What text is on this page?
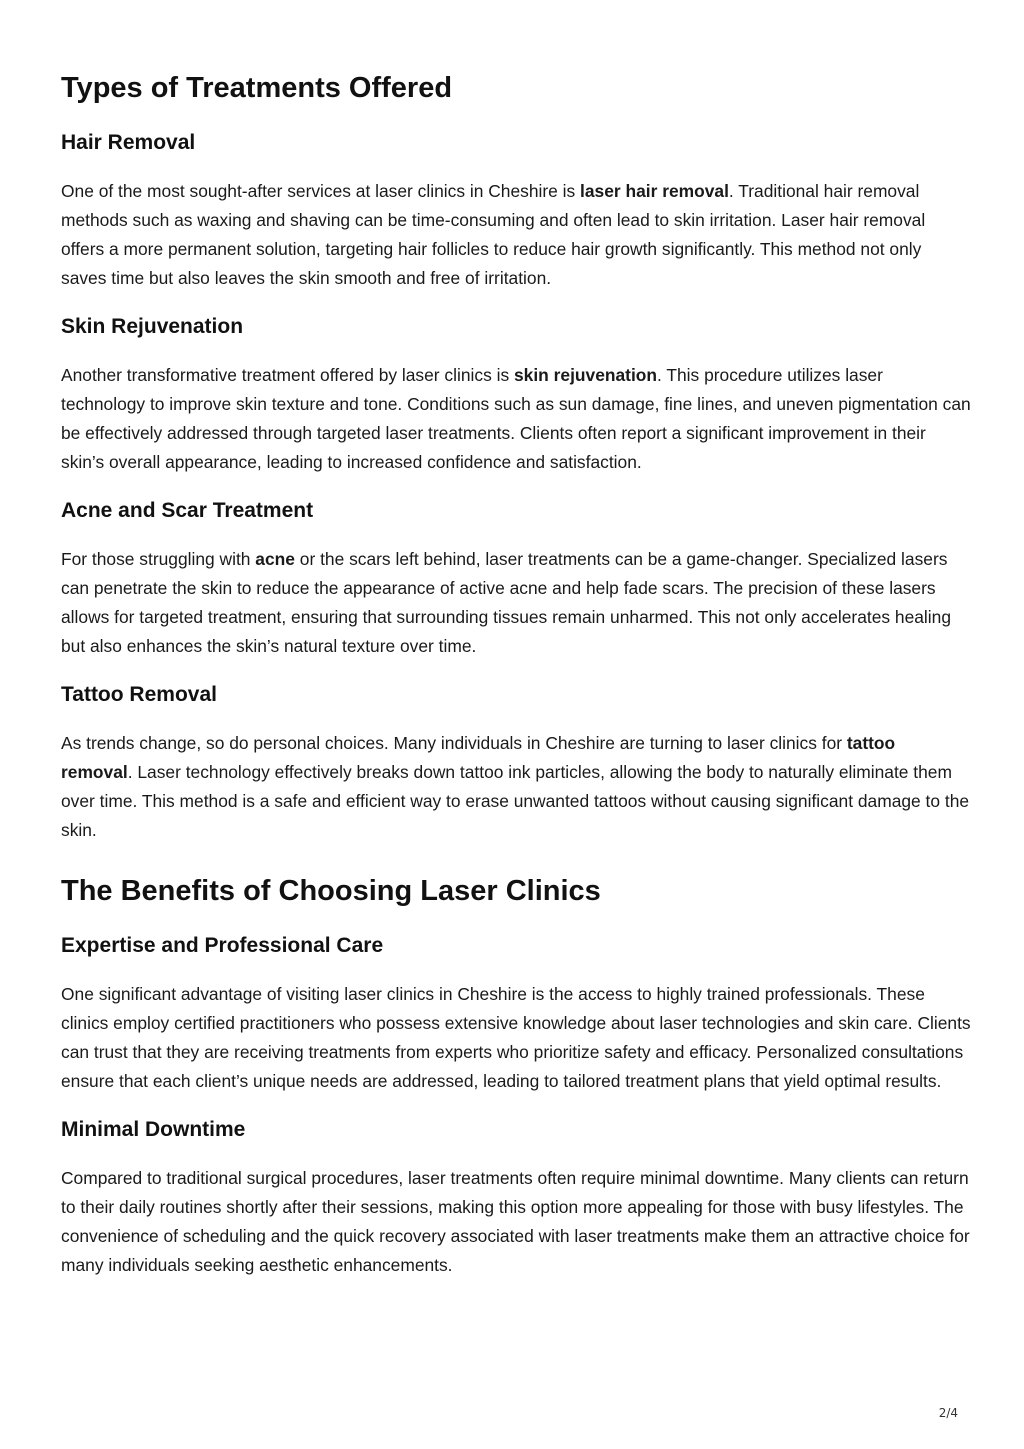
Types of Treatments Offered
Hair Removal

One of the most sought-after services at laser clinics in Cheshire is laser hair removal. Traditional hair removal methods such as waxing and shaving can be time-consuming and often lead to skin irritation. Laser hair removal offers a more permanent solution, targeting hair follicles to reduce hair growth significantly. This method not only saves time but also leaves the skin smooth and free of irritation.

Skin Rejuvenation

Another transformative treatment offered by laser clinics is skin rejuvenation. This procedure utilizes laser technology to improve skin texture and tone. Conditions such as sun damage, fine lines, and uneven pigmentation can be effectively addressed through targeted laser treatments. Clients often report a significant improvement in their skin’s overall appearance, leading to increased confidence and satisfaction.

Acne and Scar Treatment

For those struggling with acne or the scars left behind, laser treatments can be a game-changer. Specialized lasers can penetrate the skin to reduce the appearance of active acne and help fade scars. The precision of these lasers allows for targeted treatment, ensuring that surrounding tissues remain unharmed. This not only accelerates healing but also enhances the skin’s natural texture over time.

Tattoo Removal

As trends change, so do personal choices. Many individuals in Cheshire are turning to laser clinics for tattoo removal. Laser technology effectively breaks down tattoo ink particles, allowing the body to naturally eliminate them over time. This method is a safe and efficient way to erase unwanted tattoos without causing significant damage to the skin.

The Benefits of Choosing Laser Clinics
Expertise and Professional Care

One significant advantage of visiting laser clinics in Cheshire is the access to highly trained professionals. These clinics employ certified practitioners who possess extensive knowledge about laser technologies and skin care. Clients can trust that they are receiving treatments from experts who prioritize safety and efficacy. Personalized consultations ensure that each client’s unique needs are addressed, leading to tailored treatment plans that yield optimal results.

Minimal Downtime

Compared to traditional surgical procedures, laser treatments often require minimal downtime. Many clients can return to their daily routines shortly after their sessions, making this option more appealing for those with busy lifestyles. The convenience of scheduling and the quick recovery associated with laser treatments make them an attractive choice for many individuals seeking aesthetic enhancements.

2/4
